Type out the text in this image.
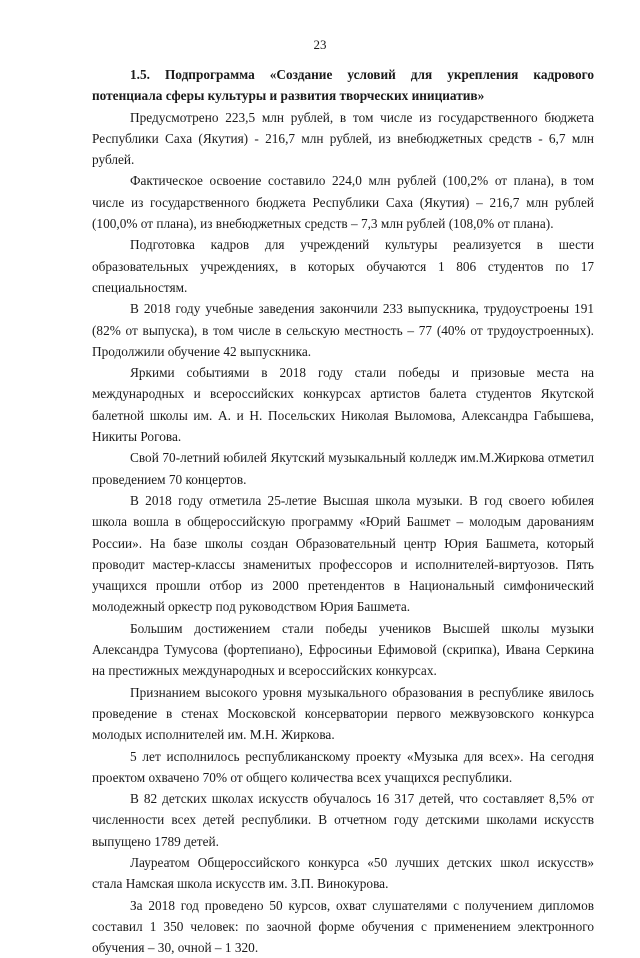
23
1.5. Подпрограмма «Создание условий для укрепления кадрового потенциала сферы культуры и развития творческих инициатив»

Предусмотрено 223,5 млн рублей, в том числе из государственного бюджета Республики Саха (Якутия) - 216,7 млн рублей, из внебюджетных средств - 6,7 млн рублей.

Фактическое освоение составило 224,0 млн рублей (100,2% от плана), в том числе из государственного бюджета Республики Саха (Якутия) – 216,7 млн рублей (100,0% от плана), из внебюджетных средств – 7,3 млн рублей (108,0% от плана).

Подготовка кадров для учреждений культуры реализуется в шести образовательных учреждениях, в которых обучаются 1 806 студентов по 17 специальностям.

В 2018 году учебные заведения закончили 233 выпускника, трудоустроены 191 (82% от выпуска), в том числе в сельскую местность – 77 (40% от трудоустроенных). Продолжили обучение 42 выпускника.

Яркими событиями в 2018 году стали победы и призовые места на международных и всероссийских конкурсах артистов балета студентов Якутской балетной школы им. А. и Н. Посельских Николая Выломова, Александра Габышева, Никиты Рогова.

Свой 70-летний юбилей Якутский музыкальный колледж им.М.Жиркова отметил проведением 70 концертов.

В 2018 году отметила 25-летие Высшая школа музыки. В год своего юбилея школа вошла в общероссийскую программу «Юрий Башмет – молодым дарованиям России». На базе школы создан Образовательный центр Юрия Башмета, который проводит мастер-классы знаменитых профессоров и исполнителей-виртуозов. Пять учащихся прошли отбор из 2000 претендентов в Национальный симфонический молодежный оркестр под руководством Юрия Башмета.

Большим достижением стали победы учеников Высшей школы музыки Александра Тумусова (фортепиано), Ефросиньи Ефимовой (скрипка), Ивана Серкина на престижных международных и всероссийских конкурсах.

Признанием высокого уровня музыкального образования в республике явилось проведение в стенах Московской консерватории первого межвузовского конкурса молодых исполнителей им. М.Н. Жиркова.

5 лет исполнилось республиканскому проекту «Музыка для всех». На сегодня проектом охвачено 70% от общего количества всех учащихся республики.

В 82 детских школах искусств обучалось 16 317 детей, что составляет 8,5% от численности всех детей республики. В отчетном году детскими школами искусств выпущено 1789 детей.

Лауреатом Общероссийского конкурса «50 лучших детских школ искусств» стала Намская школа искусств им. З.П. Винокурова.

За 2018 год проведено 50 курсов, охват слушателями с получением дипломов составил 1 350 человек: по заочной форме обучения с применением электронного обучения – 30, очной – 1 320.
